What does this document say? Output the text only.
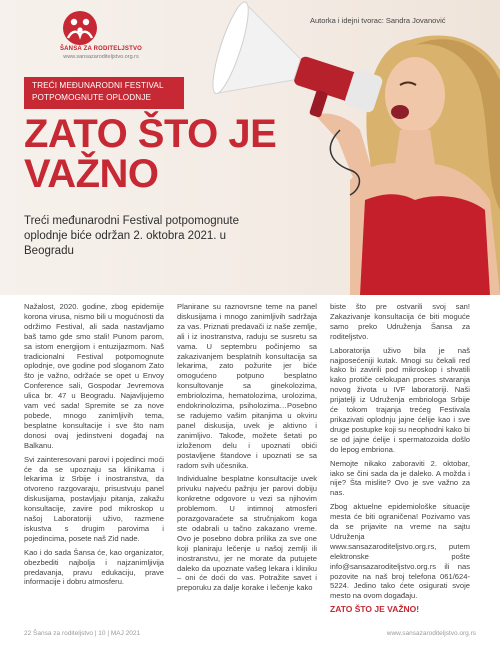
ŠANSA ZA RODITELJSTVO
www.sansazaroditeljstvo.org.rs
Autorka i idejni tvorac: Sandra Jovanović
TREĆI MEĐUNARODNI FESTIVAL
POTPOMOGNUTE OPLODNJE
ZATO ŠTO JE
VAŽNO
Treći međunarodni Festival potpomognute oplodnje biće održan 2. oktobra 2021. u Beogradu

Nažalost, 2020. godine, zbog epidemije korona virusa, nismo bili u mogućnosti da održimo Festival, ali sada nastavljamo baš tamo gde smo stali! Punom parom, sa istom energijom i entuzijazmom. Naš tradicionalni Festival potpomognute oplodnje, ove godine pod sloganom Zato što je važno, održaće se opet u Envoy Conference sali, Gospodar Jevremova ulica br. 47 u Beogradu. Najavljujemo vam već sada! Spremite se za nove pobede, mnogo zanimljivih tema, besplatne konsultacije i sve što nam donosi ovaj jedinstveni događaj na Balkanu.

Svi zainteresovani parovi i pojedinci moći će da se upoznaju sa klinikama i lekarima iz Srbije i inostranstva, da otvoreno razgovaraju, prisustvuju panel diskusijama, postavljaju pitanja, zakažu konsultacije, zavire pod mikroskop u našoj Laboratoriji uživo, razmene iskustva s drugim parovima i pojedincima, posete naš Zid nade.

Kao i do sada Šansa će, kao organizator, obezbediti najbolja i najzanimljivija predavanja, pravu edukaciju, prave informacije i dobru atmosferu.

Planirane su raznovrsne teme na panel diskusijama i mnogo zanimljivih sadržaja za vas. Priznati predavači iz naše zemlje, ali i iz inostranstva, raduju se susretu sa vama. U septembru počinjemo sa zakazivanjem besplatnih konsultacija sa lekarima, zato požurite jer biće omogućeno potpuno besplatno konsultovanje sa ginekolozima, embriolozima, hematolozima, urolozima, endokrinolozima, psiholozima…Posebno se radujemo vašim pitanjima u okviru panel diskusija, uvek je aktivno i zanimljivo. Takođe, možete šetati po izloženom delu i upoznati obići postavljene štandove i upoznati se sa radom svih učesnika.

Individualne besplatne konsultacije uvek privuku najveću pažnju jer parovi dobiju konkretne odgovore u vezi sa njihovim problemom. U intimnoj atmosferi porazgovaraćete sa stručnjakom koga ste odabrali u tačno zakazano vreme. Ovo je posebno dobra prilika za sve one koji planiraju lečenje u našoj zemlji ili inostranstvu, jer ne morate da putujete daleko da upoznate vašeg lekara i kliniku – oni će doći do vas. Potražite savet i preporuku za dalje korake i lečenje kako

biste što pre ostvarili svoj san! Zakazivanje konsultacija će biti moguće samo preko Udruženja Šansa za roditeljstvo.

Laboratorija uživo bila je naš najposećeniji kutak. Mnogi su čekali red kako bi zavirili pod mikroskop i shvatili kako protiče celokupan proces stvaranja novog života u IVF laboratoriji. Naši prijatelji iz Udruženja embriologa Srbije će tokom trajanja trećeg Festivala prikazivati oplodnju jajne ćelije kao i sve druge postupke koji su neophodni kako bi se od jajne ćelije i spermatozoida došlo do lepog embriona.

Nemojte nikako zaboraviti 2. oktobar, iako se čini sada da je daleko. A možda i nije? Šta mislite? Ovo je sve važno za nas.

Zbog aktuelne epidemiološke situacije mesta će biti ograničena! Pozivamo vas da se prijavite na vreme na sajtu Udruženja www.sansazaroditeljstvo.org.rs, putem elektronske pošte info@sansazaroditeljstvo.org.rs ili nas pozovite na naš broj telefona 061/624-5224. Jedino tako ćete osigurati svoje mesto na ovom događaju.

ZATO ŠTO JE VAŽNO!
22 Šansa za roditeljstvo | 10 | MAJ 2021	www.sansazaroditeljstvo.org.rs
